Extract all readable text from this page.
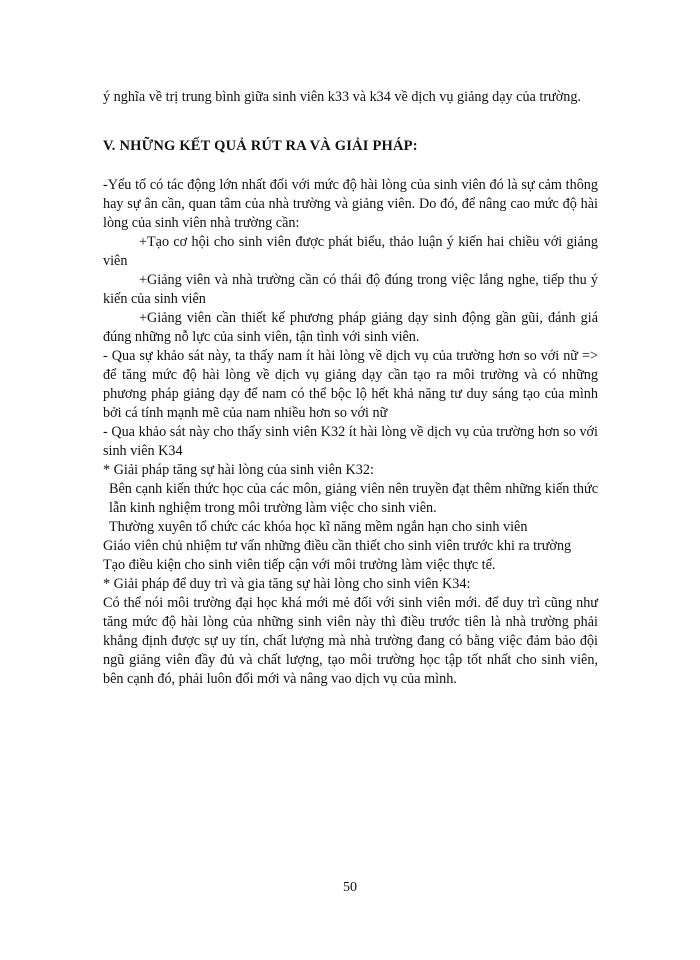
ý nghĩa về trị trung bình giữa sinh viên k33 và k34 về dịch vụ giảng dạy của trường.

V. NHỮNG KẾT QUẢ RÚT RA VÀ GIẢI PHÁP:

-Yếu tố có tác động lớn nhất đối với mức độ hài lòng của sinh viên đó là sự cảm thông hay sự ân cần, quan tâm của nhà trường và giảng viên. Do đó, để nâng cao mức độ hài lòng của sinh viên nhà trường cần:

+Tạo cơ hội cho sinh viên được phát biểu, thảo luận ý kiến hai chiều với giảng viên

+Giảng viên và nhà trường cần có thái độ đúng trong việc lắng nghe, tiếp thu ý kiến của sinh viên

+Giảng viên cần thiết kế phương pháp giảng dạy sinh động gần gũi, đánh giá đúng những nỗ lực của sinh viên, tận tình với sinh viên.

- Qua sự khảo sát này, ta thấy nam ít hài lòng về dịch vụ của trường hơn so với nữ => để tăng mức độ hài lòng về dịch vụ giảng dạy cần tạo ra môi trường và có những phương pháp giảng dạy để nam có thể bộc lộ hết khả năng tư duy sáng tạo của mình bởi cá tính mạnh mẽ của nam nhiều hơn so với nữ

- Qua khảo sát này cho thấy sinh viên K32 ít hài lòng về dịch vụ của trường hơn so với sinh viên K34

* Giải pháp tăng sự hài lòng của sinh viên K32:

Bên cạnh kiến thức học của các môn, giảng viên nên truyền đạt thêm những kiến thức lẫn kinh nghiệm trong môi trường làm việc cho sinh viên.

Thường xuyên tổ chức các khóa học kĩ năng mềm ngắn hạn cho sinh viên

Giáo viên chủ nhiệm tư vấn những điều cần thiết cho sinh viên trước khi ra trường

Tạo điều kiện cho sinh viên tiếp cận với môi trường làm việc thực tế.

* Giải pháp để duy trì và gia tăng sự hài lòng cho sinh viên K34:

Có thể nói môi trường đại học khá mới mẻ đối với sinh viên mới. để duy trì cũng như tăng mức độ hài lòng của những sinh viên này thì điều trước tiên là nhà trường phải khẳng định được sự uy tín, chất lượng mà nhà trường đang có bằng việc đảm bảo đội ngũ giảng viên đầy đủ và chất lượng, tạo môi trường học tập tốt nhất cho sinh viên, bên cạnh đó, phải luôn đổi mới và nâng vao dịch vụ của mình.

50
